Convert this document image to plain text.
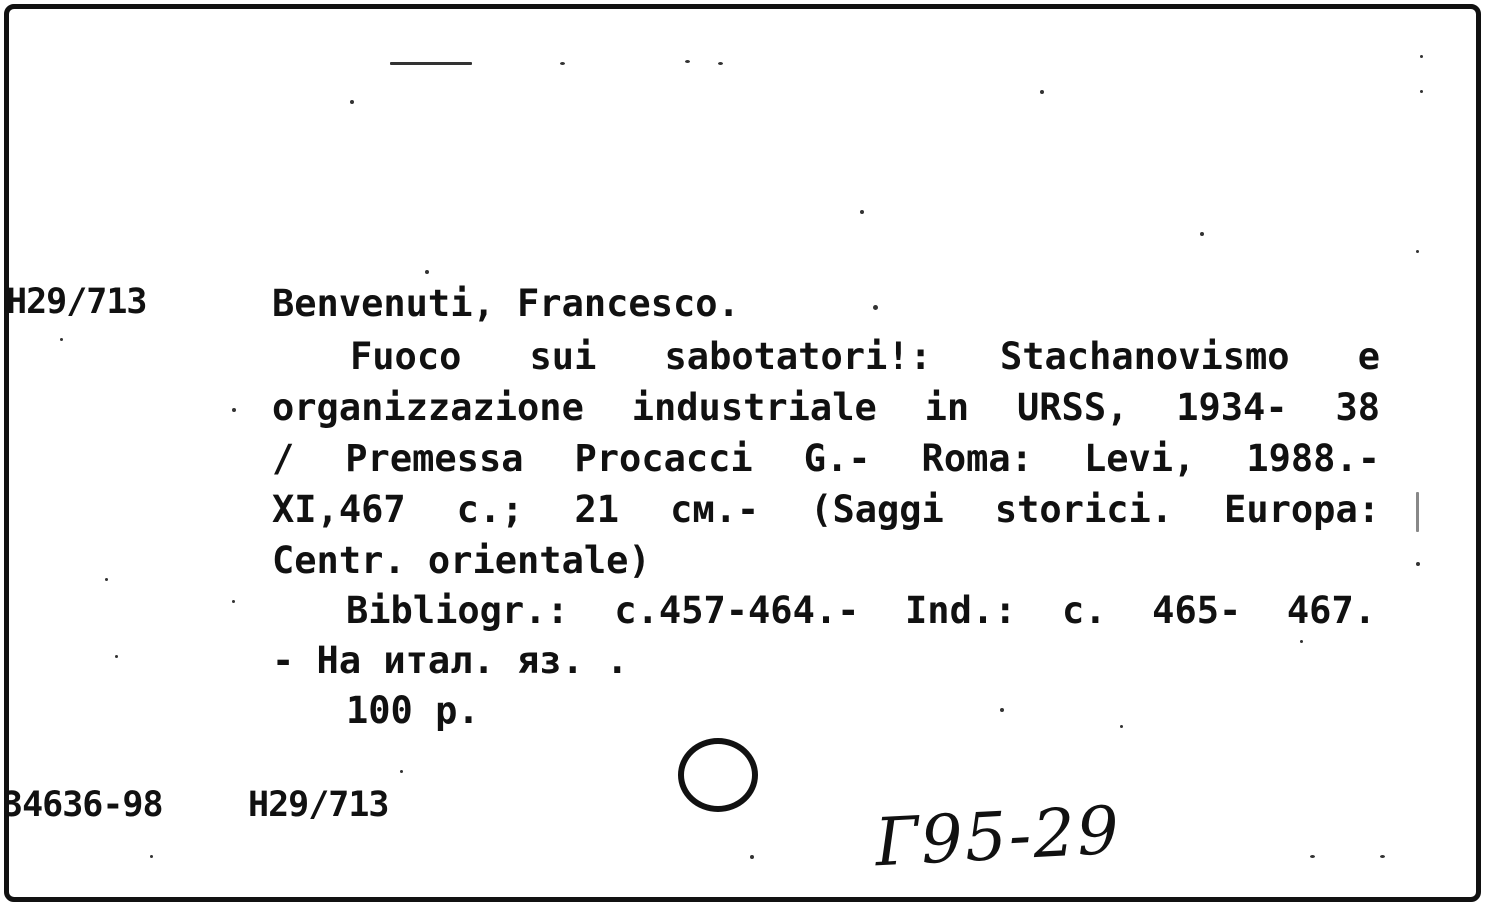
H29/713	Benvenuti, Francesco.
Fuoco sui sabotatori!: Stachanovismo e
organizzazione industriale in URSS, 1934- 38
/ Premessa Procacci G.- Roma: Levi, 1988.-
XI,467 c.; 21 см.- (Saggi storici. Europa:
Centr. orientale)
Bibliogr.: c.457-464.- Ind.: c. 465- 467.
- На итал. яз. .
100 р.
34636-98 H29/713	Г95-29
